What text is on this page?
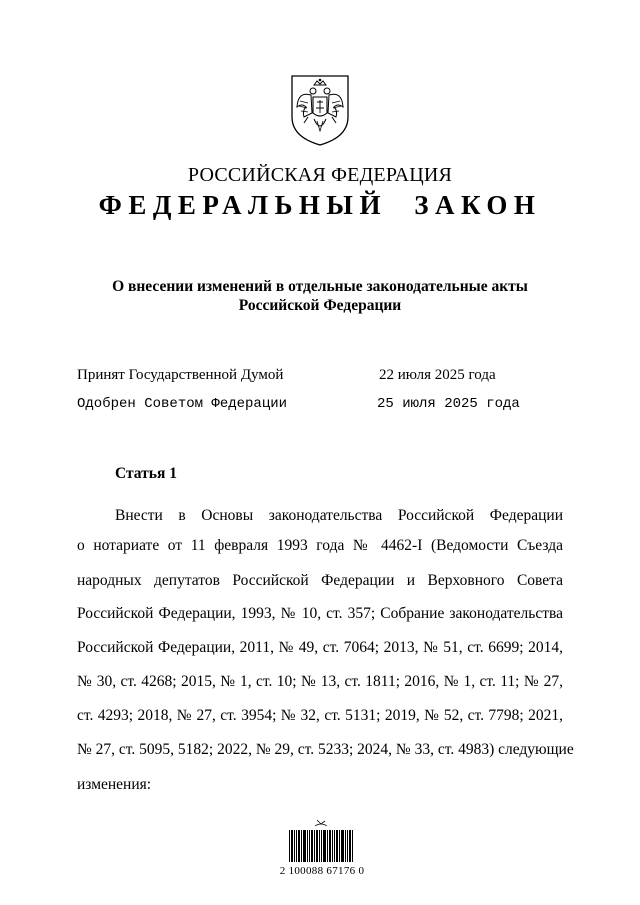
РОССИЙСКАЯ ФЕДЕРАЦИЯ
ФЕДЕРАЛЬНЫЙ ЗАКОН
О внесении изменений в отдельные законодательные акты
Российской Федерации
Принят Государственной Думой	22 июля 2025 года
Одобрен Советом Федерации	25 июля 2025 года
Статья 1
Внести в Основы законодательства Российской Федерации
о нотариате от 11 февраля 1993 года № 4462-I (Ведомости Съезда
народных депутатов Российской Федерации и Верховного Совета
Российской Федерации, 1993, № 10, ст. 357; Собрание законодательства
Российской Федерации, 2011, № 49, ст. 7064; 2013, № 51, ст. 6699; 2014,
№ 30, ст. 4268; 2015, № 1, ст. 10; № 13, ст. 1811; 2016, № 1, ст. 11; № 27,
ст. 4293; 2018, № 27, ст. 3954; № 32, ст. 5131; 2019, № 52, ст. 7798; 2021,
№ 27, ст. 5095, 5182; 2022, № 29, ст. 5233; 2024, № 33, ст. 4983) следующие
изменения:
2 100088 67176 0
